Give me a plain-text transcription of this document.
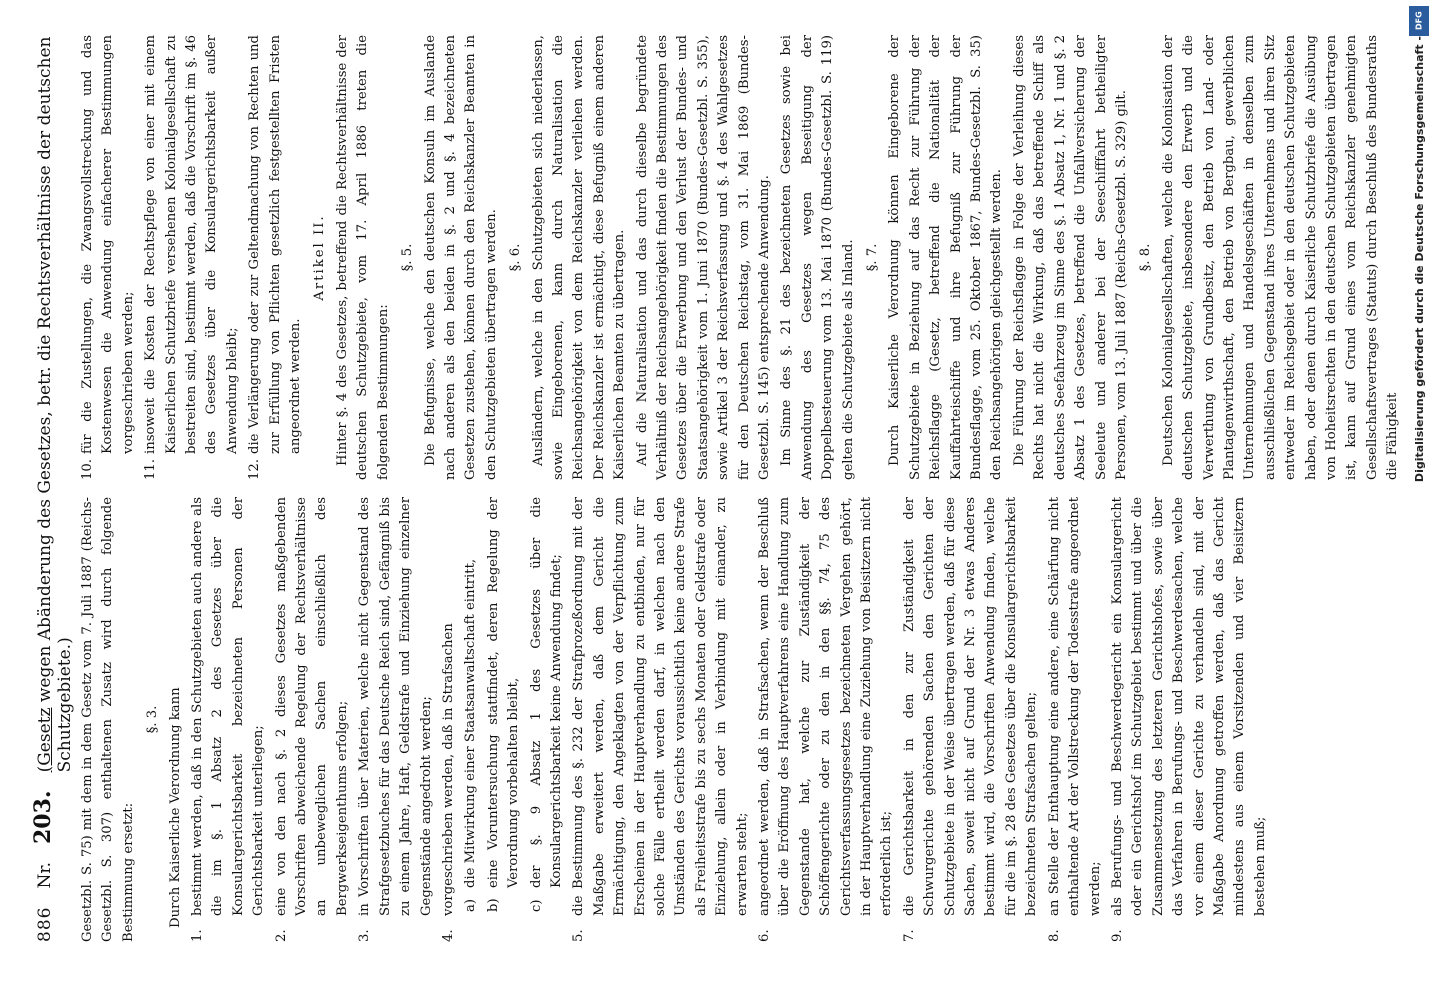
886
Nr.
203.
(Gesetz wegen Abänderung des Gesetzes, betr. die Rechtsverhältnisse der deutschen Schutzgebiete.) Gesetzbl. S. 75) mit dem in dem Gesetz vom 7. Juli 1887 (Reichs-Gesetzbl. S. 307) enthaltenen Zusatz wird durch folgende Bestimmung ersetzt:

§. 3. Durch Kaiserliche Verordnung kann

1.
bestimmt werden, daß in den Schutzgebieten auch andere als die im §. 1 Absatz 2 des Gesetzes über die Konsulargerichtsbarkeit bezeichneten Personen der Gerichtsbarkeit unterliegen;
2.
eine von den nach §. 2 dieses Gesetzes maßgebenden Vorschriften abweichende Regelung der Rechtsverhältnisse an unbeweglichen Sachen einschließlich des Bergwerkseigenthums erfolgen;
3.
in Vorschriften über Materien, welche nicht Gegenstand des Strafgesetzbuches für das Deutsche Reich sind, Gefängniß bis zu einem Jahre, Haft, Geldstrafe und Einziehung einzelner Gegenstände angedroht werden;
4.
vorgeschrieben werden, daß in Strafsachen a)
die Mitwirkung einer Staatsanwaltschaft eintritt,
b)
eine Voruntersuchung stattfindet, deren Regelung der Verordnung vorbehalten bleibt,
c)
der §. 9 Absatz 1 des Gesetzes über die Konsulargerichtsbarkeit keine Anwendung findet;
5.
die Bestimmung des §. 232 der Strafprozeßordnung mit der Maßgabe erweitert werden, daß dem Gericht die Ermächtigung, den Angeklagten von der Verpflichtung zum Erscheinen in der Hauptverhandlung zu entbinden, nur für solche Fälle ertheilt werden darf, in welchen nach den Umständen des Gerichts voraussichtlich keine andere Strafe als Freiheitsstrafe bis zu sechs Monaten oder Geldstrafe oder Einziehung, allein oder in Verbindung mit einander, zu erwarten steht;
6.
angeordnet werden, daß in Strafsachen, wenn der Beschluß über die Eröffnung des Hauptverfahrens eine Handlung zum Gegenstande hat, welche zur Zuständigkeit der Schöffengerichte oder zu den in den §§. 74, 75 des Gerichtsverfassungsgesetzes bezeichneten Vergehen gehört, in der Hauptverhandlung eine Zuziehung von Beisitzern nicht erforderlich ist;
7.
die Gerichtsbarkeit in den zur Zuständigkeit der Schwurgerichte gehörenden Sachen den Gerichten der Schutzgebiete in der Weise übertragen werden, daß für diese Sachen, soweit nicht auf Grund der Nr. 3 etwas Anderes bestimmt wird, die Vorschriften Anwendung finden, welche für die im §. 28 des Gesetzes über die Konsulargerichtsbarkeit bezeichneten Strafsachen gelten;
8.
an Stelle der Enthauptung eine andere, eine Schärfung nicht enthaltende Art der Vollstreckung der Todesstrafe angeordnet werden;
9.
als Berufungs- und Beschwerdegericht ein Konsulargericht oder ein Gerichtshof im Schutzgebiet bestimmt und über die Zusammensetzung des letzteren Gerichtshofes, sowie über das Verfahren in Berufungs- und Beschwerdesachen, welche vor einem dieser Gerichte zu verhandeln sind, mit der Maßgabe Anordnung getroffen werden, daß das Gericht mindestens aus einem Vorsitzenden und vier Beisitzern bestehen muß;
10.
für die Zustellungen, die Zwangsvollstreckung und das Kostenwesen die Anwendung einfacherer Bestimmungen vorgeschrieben werden;
11.
insoweit die Kosten der Rechtspflege von einer mit einem Kaiserlichen Schutzbriefe versehenen Kolonialgesellschaft zu bestreiten sind, bestimmt werden, daß die Vorschrift im §. 46 des Gesetzes über die Konsulargerichtsbarkeit außer Anwendung bleibt;
12.
die Verlängerung oder zur Geltendmachung von Rechten und zur Erfüllung von Pflichten gesetzlich festgestellten Fristen angeordnet werden.
Artikel II. Hinter §. 4 des Gesetzes, betreffend die Rechtsverhältnisse der deutschen Schutzgebiete, vom 17. April 1886 treten die folgenden Bestimmungen:

§. 5. Die Befugnisse, welche den deutschen Konsuln im Auslande nach anderen als den beiden in §. 2 und §. 4 bezeichneten Gesetzen zustehen, können durch den Reichskanzler Beamten in den Schutzgebieten übertragen werden. §. 6. Ausländern, welche in den Schutzgebieten sich niederlassen, sowie Eingeborenen, kann durch Naturalisation die Reichsangehörigkeit von dem Reichskanzler verliehen werden. Der Reichskanzler ist ermächtigt, diese Befugniß einem anderen Kaiserlichen Beamten zu übertragen. Auf die Naturalisation und das durch dieselbe begründete Verhältniß der Reichsangehörigkeit finden die Bestimmungen des Gesetzes über die Erwerbung und den Verlust der Bundes- und Staatsangehörigkeit vom 1. Juni 1870 (Bundes-Gesetzbl. S. 355), sowie Artikel 3 der Reichsverfassung und §. 4 des Wahlgesetzes für den Deutschen Reichstag, vom 31. Mai 1869 (Bundes-Gesetzbl. S. 145) entsprechende Anwendung. Im Sinne des §. 21 des bezeichneten Gesetzes sowie bei Anwendung des Gesetzes wegen Beseitigung der Doppelbesteuerung vom 13. Mai 1870 (Bundes-Gesetzbl. S. 119) gelten die Schutzgebiete als Inland. §. 7. Durch Kaiserliche Verordnung können Eingeborene der Schutzgebiete in Beziehung auf das Recht zur Führung der Reichsflagge (Gesetz, betreffend die Nationalität der Kauffahrteischiffe und ihre Befugniß zur Führung der Bundesflagge, vom 25. Oktober 1867, Bundes-Gesetzbl. S. 35) den Reichsangehörigen gleichgestellt werden. Die Führung der Reichsflagge in Folge der Verleihung dieses Rechts hat nicht die Wirkung, daß das betreffende Schiff als deutsches Seefahrzeug im Sinne des §. 1 Absatz 1, Nr. 1 und §. 2 Absatz 1 des Gesetzes, betreffend die Unfallversicherung der Seeleute und anderer bei der Seeschifffahrt betheiligter Personen, vom 13. Juli 1887 (Reichs-Gesetzbl. S. 329) gilt. §. 8. Deutschen Kolonialgesellschaften, welche die Kolonisation der deutschen Schutzgebiete, insbesondere den Erwerb und die Verwerthung von Grundbesitz, den Betrieb von Land- oder Plantagenwirthschaft, den Betrieb von Bergbau, gewerblichen Unternehmungen und Handelsgeschäften in denselben zum ausschließlichen Gegenstand ihres Unternehmens und ihren Sitz entweder im Reichsgebiet oder in den deutschen Schutzgebieten haben, oder denen durch Kaiserliche Schutzbriefe die Ausübung von Hoheitsrechten in den deutschen Schutzgebieten übertragen ist, kann auf Grund eines vom Reichskanzler genehmigten Gesellschaftsvertrages (Statuts) durch Beschluß des Bundesraths die Fähigkeit	Digitalisierung gefördert durch die Deutsche Forschungsgemeinschaft -
DFG
